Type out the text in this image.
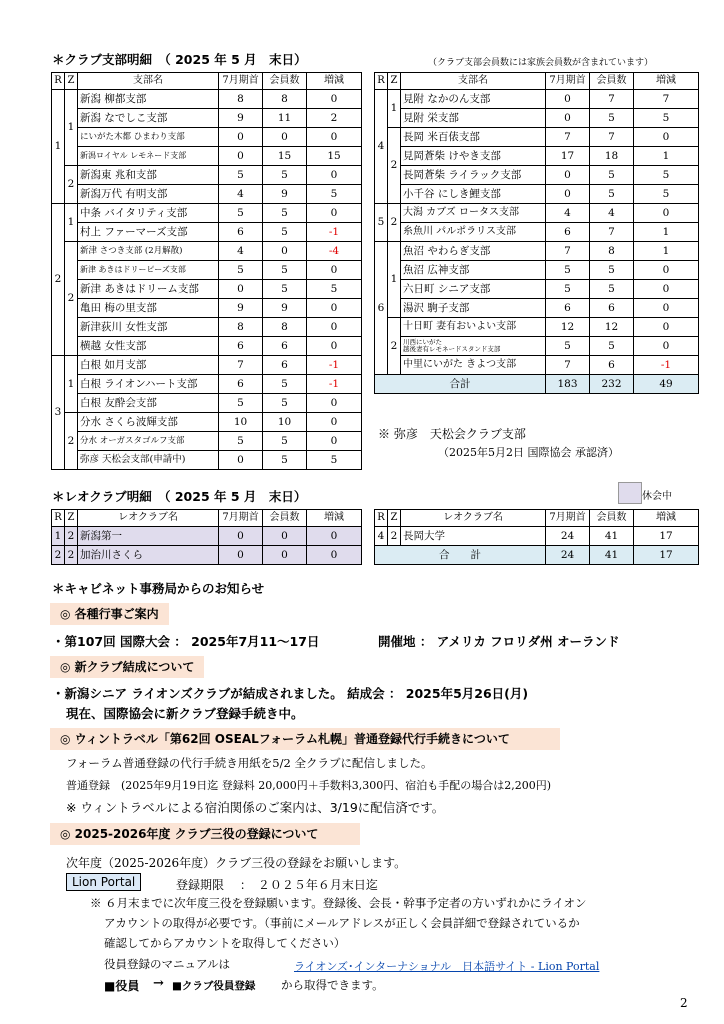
＊クラブ支部明細　（ 2025 年 5 月　末日）	（クラブ支部会員数には家族会員数が含まれています）
R	Z	支部名	7月期首	会員数	増減
1	1	新潟 柳都支部	8	8	0
		新潟 なでしこ支部	9	11	2
		にいがた木都 ひまわり支部	0	0	0
		新潟ロイヤル レモネード支部	0	15	15
	2	新潟東 兆和支部	5	5	0
		新潟万代 有明支部	4	9	5
2	1	中条 バイタリティ支部	5	5	0
		村上 ファーマーズ支部	6	5	-1
	2	新津 さつき支部 (2月解散)	4	0	-4
		新津 あきはドリーピーズ支部	5	5	0
		新津 あきはドリーム支部	0	5	5
		亀田 梅の里支部	9	9	0
		新津荻川 女性支部	8	8	0
		横越 女性支部	6	6	0
3	1	白根 如月支部	7	6	-1
		白根 ライオンハート支部	6	5	-1
		白根 友酔会支部	5	5	0
	2	分水 さくら波輝支部	10	10	0
		分水 オーガスタゴルフ支部	5	5	0
		弥彦 天松会支部(申請中)	0	5	5
R	Z	支部名	7月期首	会員数	増減
4	1	見附 なかのん支部	0	7	7
		見附 栄支部	0	5	5
	2	長岡 米百俵支部	7	7	0
		見岡蒼柴 けやき支部	17	18	1
		長岡蒼柴 ライラック支部	0	5	5
		小千谷 にしき鯉支部	0	5	5
5	2	大潟 カブズ ロータス支部	4	4	0
		糸魚川 パルポラリス支部	6	7	1
6	1	魚沼 やわらぎ支部	7	8	1
		魚沼 広神支部	5	5	0
		六日町 シニア支部	5	5	0
		湯沢 駒子支部	6	6	0
	2	十日町 妻有おいよい支部	12	12	0
		川西にいがた
越後妻有レモネードスタンド支部	5	5	0
		中里にいがた きよつ支部	7	6	-1
合計			183	232	49
※ 弥彦　天松会クラブ支部
（2025年5月2日 国際協会 承認済）
＊レオクラブ明細　（ 2025 年 5 月　末日）	休会中
R	Z	レオクラブ名	7月期首	会員数	増減
1	2	新潟第一	0	0	0
2	2	加治川さくら	0	0	0
R	Z	レオクラブ名	7月期首	会員数	増減
4	2	長岡大学	24	41	17
合　　計			24	41	17
＊キャビネット事務局からのお知らせ
◎ 各種行事ご案内
・第107回 国際大会 ： 2025年7月11～17日	開催地 ： アメリカ フロリダ州 オーランド
◎ 新クラブ結成について
・新潟シニア ライオンズクラブが結成されました。 結成会 ： 2025年5月26日(月)
現在、国際協会に新クラブ登録手続き中。
◎ ウィントラベル「第62回 OSEALフォーラム札幌」普通登録代行手続きについて
フォーラム普通登録の代行手続き用紙を5/2 全クラブに配信しました。
普通登録　(2025年9月19日迄 登録料 20,000円＋手数料3,300円、宿泊も手配の場合は2,200円)
※ ウィントラベルによる宿泊関係のご案内は、3/19に配信済です。
◎ 2025-2026年度 クラブ三役の登録について
次年度（2025-2026年度）クラブ三役の登録をお願いします。
Lion Portal	登録期限　 ：　２０２５年６月末日迄
※ ６月末までに次年度三役を登録願います。登録後、会長・幹事予定者の方いずれかにライオン
アカウントの取得が必要です。（事前にメールアドレスが正しく会員詳細で登録されているか
確認してからアカウントを取得してください）
役員登録のマニュアルは	ライオンズ･インターナショナル　日本語サイト - Lion Portal
■役員 → ■クラブ役員登録 から取得できます。
2
